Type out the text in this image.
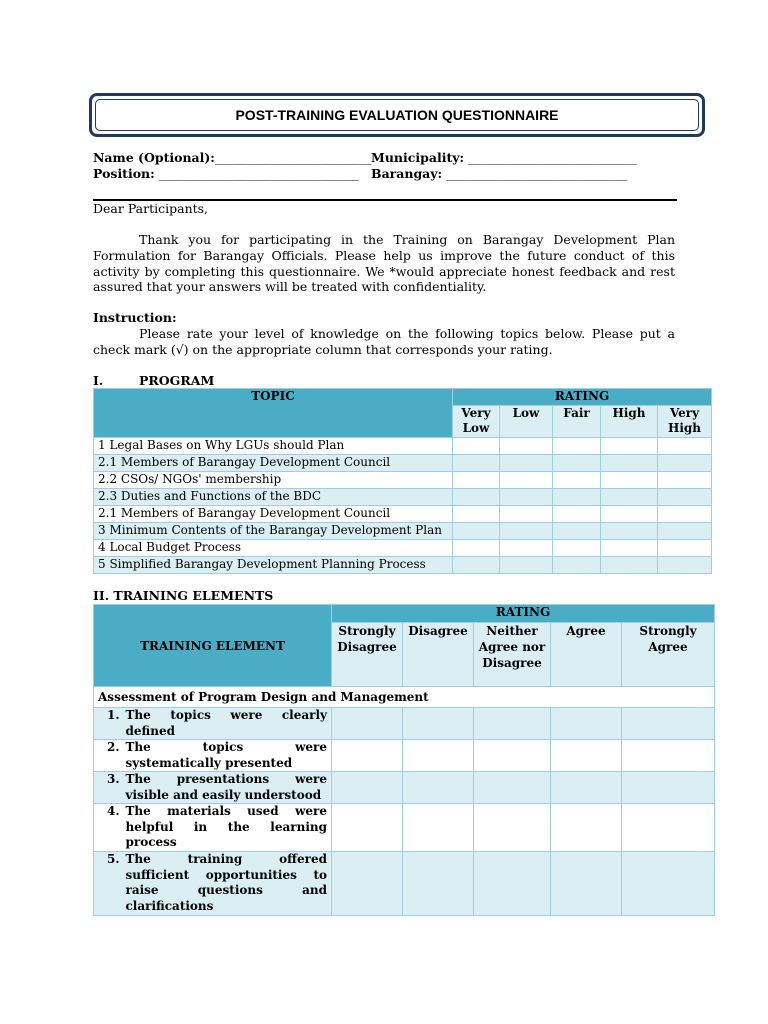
POST-TRAINING EVALUATION QUESTIONNAIRE
Name (Optional):_________________________
Position: ________________________________
Municipality: ___________________________
Barangay: _____________________________
Dear Participants,
Thank you for participating in the Training on Barangay Development Plan Formulation for Barangay Officials. Please help us improve the future conduct of this activity by completing this questionnaire. We *would appreciate honest feedback and rest assured that your answers will be treated with confidentiality.
Instruction:
Please rate your level of knowledge on the following topics below. Please put a check mark (√) on the appropriate column that corresponds your rating.
I.	PROGRAM
TOPIC	RATING				
	Very Low	Low	Fair	High	Very High
1 Legal Bases on Why LGUs should Plan					
2.1 Members of Barangay Development Council					
2.2 CSOs/ NGOs' membership					
2.3 Duties and Functions of the BDC					
2.1 Members of Barangay Development Council					
3 Minimum Contents of the Barangay Development Plan					
4 Local Budget Process					
5 Simplified Barangay Development Planning Process					
II. TRAINING ELEMENTS
TRAINING ELEMENT		RATING				
		Strongly Disagree	Disagree	Neither Agree nor Disagree	Agree	Strongly Agree
Assessment of Program Design and Management						
1.	The topics were clearly defined					
2.	The topics were systematically presented					
3.	The presentations were visible and easily understood					
4.	The materials used were helpful in the learning process					
5.	The training offered sufficient opportunities to raise questions and clarifications					
